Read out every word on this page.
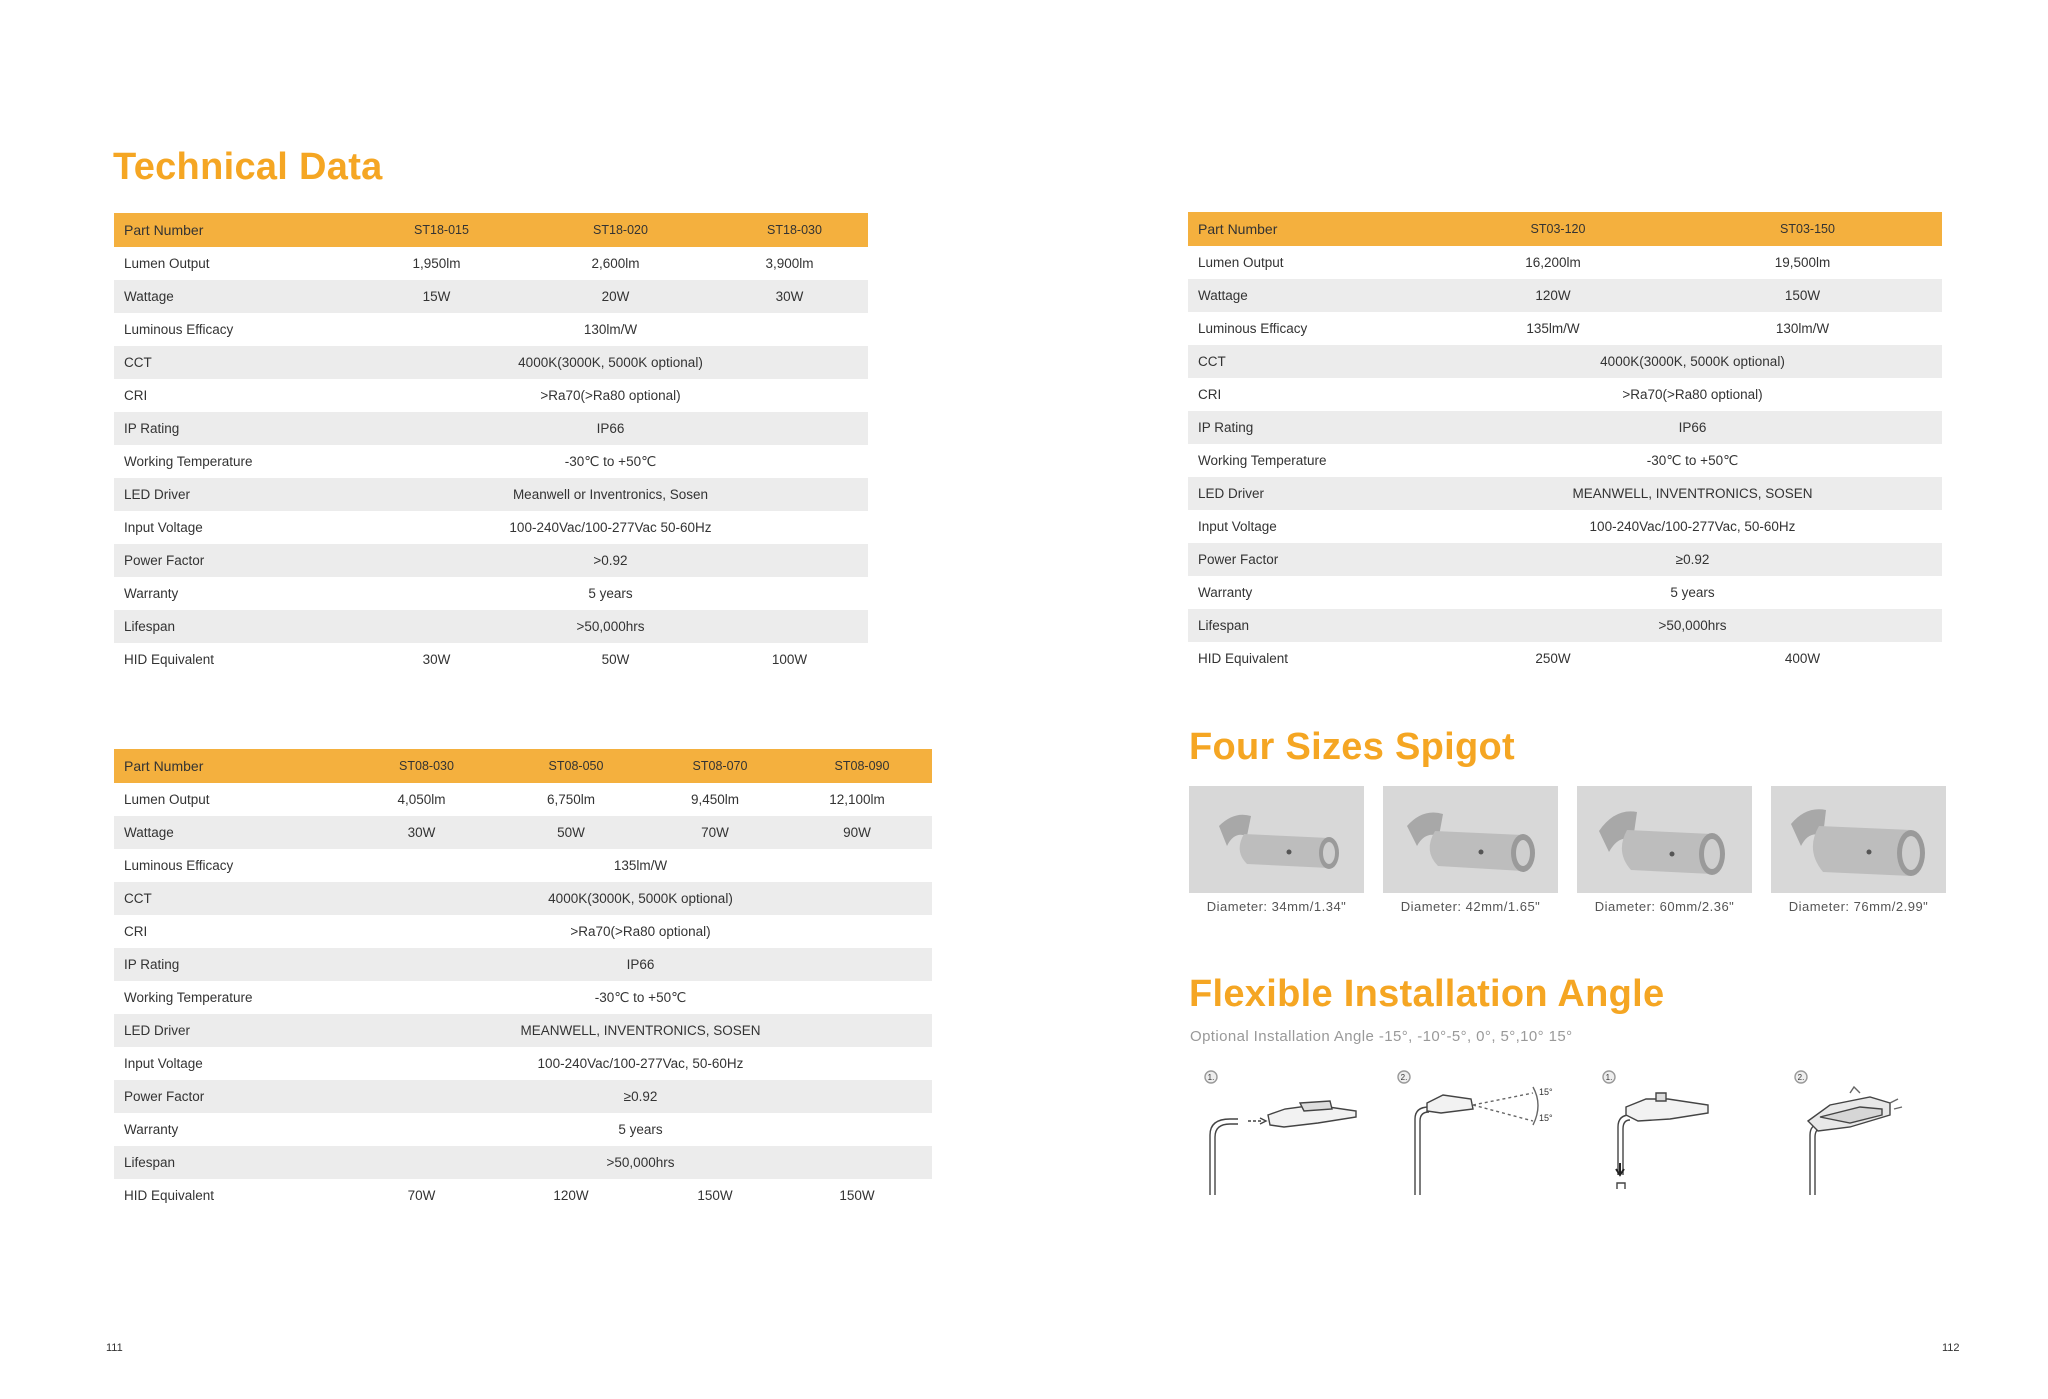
Technical Data
Part Number	ST18-015	ST18-020	ST18-030
Lumen Output	1,950lm	2,600lm	3,900lm
Wattage	15W	20W	30W
Luminous Efficacy	130lm/W		
CCT	4000K(3000K, 5000K optional)		
CRI	>Ra70(>Ra80 optional)		
IP Rating	IP66		
Working Temperature	-30℃ to +50℃		
LED Driver	Meanwell or Inventronics, Sosen		
Input Voltage	100-240Vac/100-277Vac 50-60Hz		
Power Factor	>0.92		
Warranty	5 years		
Lifespan	>50,000hrs		
HID Equivalent	30W	50W	100W
Part Number	ST08-030	ST08-050	ST08-070	ST08-090
Lumen Output	4,050lm	6,750lm	9,450lm	12,100lm
Wattage	30W	50W	70W	90W
Luminous Efficacy	135lm/W			
CCT	4000K(3000K, 5000K optional)			
CRI	>Ra70(>Ra80 optional)			
IP Rating	IP66			
Working Temperature	-30℃ to +50℃			
LED Driver	MEANWELL, INVENTRONICS, SOSEN			
Input Voltage	100-240Vac/100-277Vac, 50-60Hz			
Power Factor	≥0.92			
Warranty	5 years			
Lifespan	>50,000hrs			
HID Equivalent	70W	120W	150W	150W
111
Part Number	ST03-120	ST03-150
Lumen Output	16,200lm	19,500lm
Wattage	120W	150W
Luminous Efficacy	135lm/W	130lm/W
CCT	4000K(3000K, 5000K optional)	
CRI	>Ra70(>Ra80 optional)	
IP Rating	IP66	
Working Temperature	-30℃ to +50℃	
LED Driver	MEANWELL, INVENTRONICS, SOSEN	
Input Voltage	100-240Vac/100-277Vac, 50-60Hz	
Power Factor	≥0.92	
Warranty	5 years	
Lifespan	>50,000hrs	
HID Equivalent	250W	400W
Four Sizes Spigot
Diameter: 34mm/1.34"	Diameter: 42mm/1.65"	Diameter: 60mm/2.36"	Diameter: 76mm/2.99"
Flexible Installation Angle
Optional Installation Angle -15°, -10°-5°, 0°, 5°,10° 15°
1.	2.
15°
15°
1.	2.
112
